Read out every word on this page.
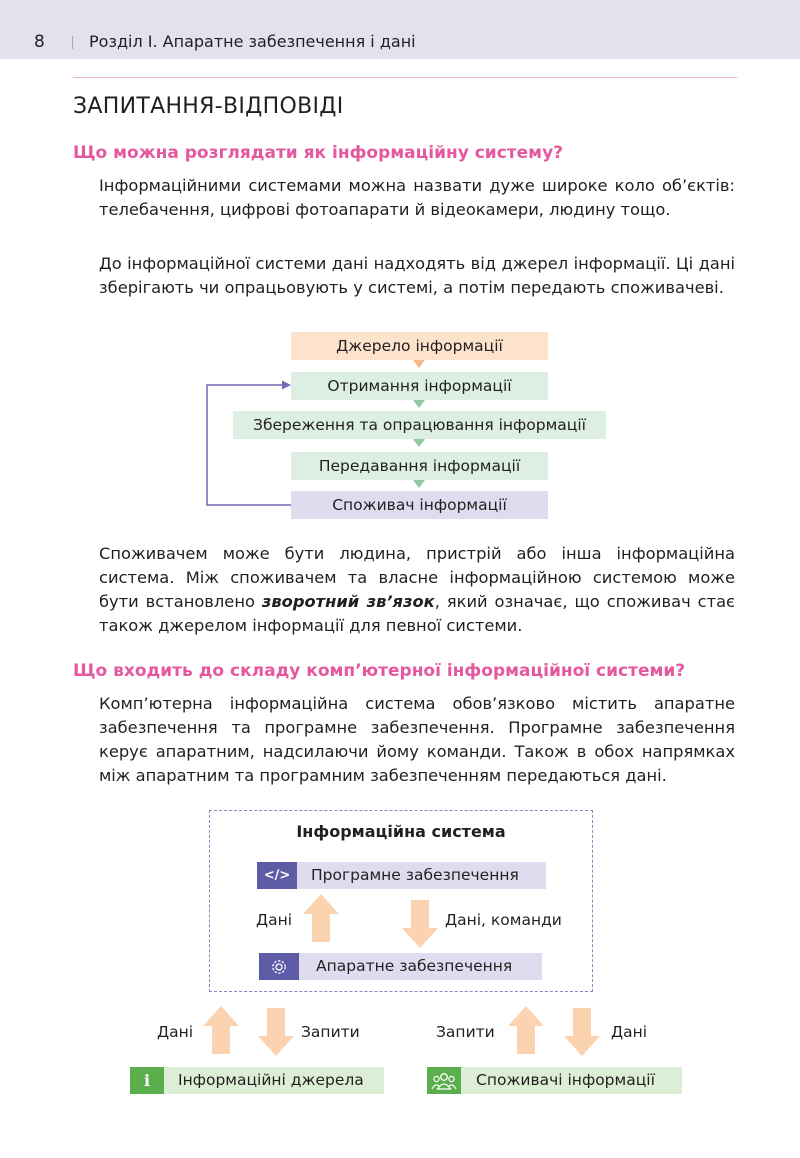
8	Розділ І. Апаратне забезпечення і дані
ЗАПИТАННЯ-ВІДПОВІДІ
Що можна розглядати як інформаційну систему?

Інформаційними системами можна назвати дуже широке коло об’єктів: телебачення, цифрові фотоапарати й відеокамери, людину тощо.

До інформаційної системи дані надходять від джерел інформації. Ці дані зберігають чи опрацьовують у системі, а потім передають споживачеві.

Джерело інформації
Отримання інформації
Збереження та опрацювання інформації
Передавання інформації
Споживач інформації

Споживачем може бути людина, пристрій або інша інформаційна система. Між споживачем та власне інформаційною системою може бути встановлено зворотний зв’язок, який означає, що споживач стає також джерелом інформації для певної системи.

Що входить до складу комп’ютерної інформаційної системи?

Комп’ютерна інформаційна система обов’язково містить апаратне забезпечення та програмне забезпечення. Програмне забезпечення керує апаратним, надсилаючи йому команди. Також в обох напрямках між апаратним та програмним забезпеченням передаються дані.

Інформаційна система
</>	Програмне забезпечення
Дані	Дані, команди
Апаратне забезпечення
Дані	Запити	Запити	Дані
i	Інформаційні джерела	Споживачі інформації
